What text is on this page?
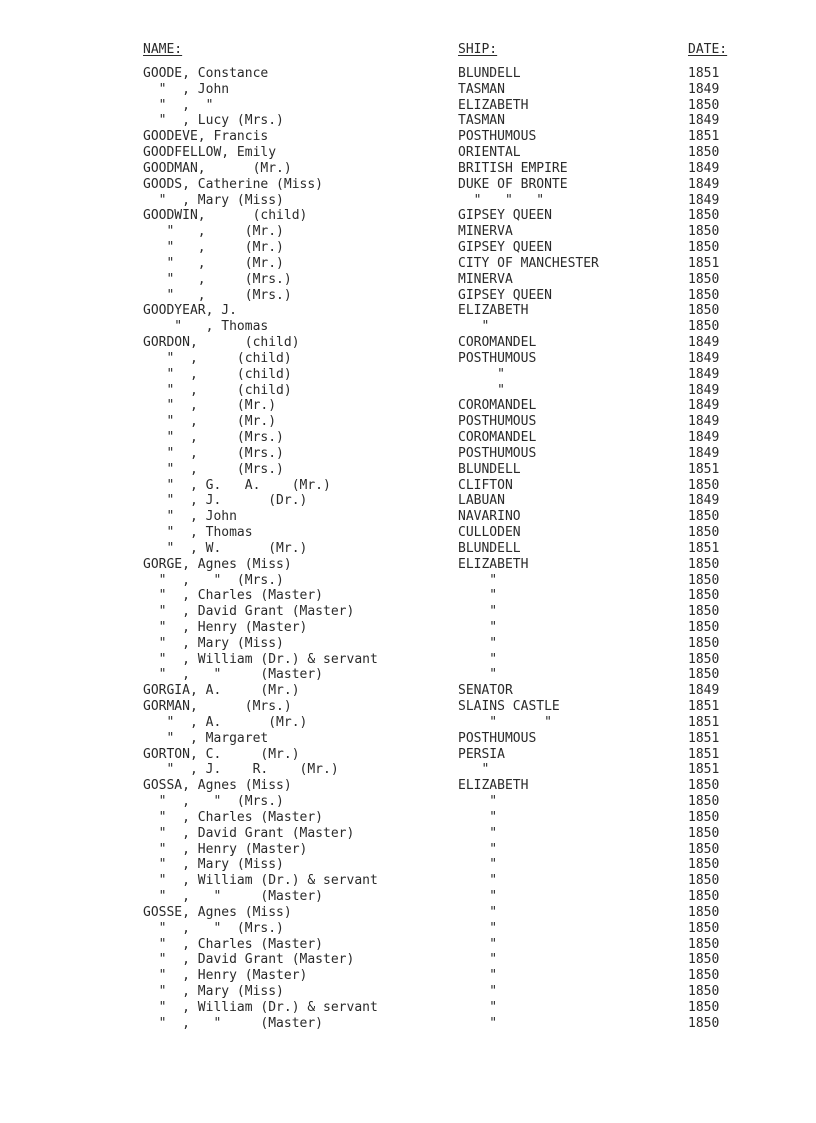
NAME:	SHIP:	DATE:
GOODE, Constance	BLUNDELL	1851
"  , John	TASMAN	1849
"  ,  "	ELIZABETH	1850
"  , Lucy (Mrs.)	TASMAN	1849
GOODEVE, Francis	POSTHUMOUS	1851
GOODFELLOW, Emily	ORIENTAL	1850
GOODMAN,      (Mr.)	BRITISH EMPIRE	1849
GOODS, Catherine (Miss)	DUKE OF BRONTE	1849
"  , Mary (Miss)	"   "   "	1849
GOODWIN,      (child)	GIPSEY QUEEN	1850
"   ,     (Mr.)	MINERVA	1850
"   ,     (Mr.)	GIPSEY QUEEN	1850
"   ,     (Mr.)	CITY OF MANCHESTER	1851
"   ,     (Mrs.)	MINERVA	1850
"   ,     (Mrs.)	GIPSEY QUEEN	1850
GOODYEAR, J.	ELIZABETH	1850
"   , Thomas	"	1850
GORDON,      (child)	COROMANDEL	1849
"  ,     (child)	POSTHUMOUS	1849
"  ,     (child)	"	1849
"  ,     (child)	"	1849
"  ,     (Mr.)	COROMANDEL	1849
"  ,     (Mr.)	POSTHUMOUS	1849
"  ,     (Mrs.)	COROMANDEL	1849
"  ,     (Mrs.)	POSTHUMOUS	1849
"  ,     (Mrs.)	BLUNDELL	1851
"  , G.   A.    (Mr.)	CLIFTON	1850
"  , J.      (Dr.)	LABUAN	1849
"  , John	NAVARINO	1850
"  , Thomas	CULLODEN	1850
"  , W.      (Mr.)	BLUNDELL	1851
GORGE, Agnes (Miss)	ELIZABETH	1850
"  ,   "  (Mrs.)	"	1850
"  , Charles (Master)	"	1850
"  , David Grant (Master)	"	1850
"  , Henry (Master)	"	1850
"  , Mary (Miss)	"	1850
"  , William (Dr.) & servant	"	1850
"  ,   "     (Master)	"	1850
GORGIA, A.     (Mr.)	SENATOR	1849
GORMAN,      (Mrs.)	SLAINS CASTLE	1851
"  , A.      (Mr.)	"      "	1851
"  , Margaret	POSTHUMOUS	1851
GORTON, C.     (Mr.)	PERSIA	1851
"  , J.    R.    (Mr.)	"	1851
GOSSA, Agnes (Miss)	ELIZABETH	1850
"  ,   "  (Mrs.)	"	1850
"  , Charles (Master)	"	1850
"  , David Grant (Master)	"	1850
"  , Henry (Master)	"	1850
"  , Mary (Miss)	"	1850
"  , William (Dr.) & servant	"	1850
"  ,   "     (Master)	"	1850
GOSSE, Agnes (Miss)	"	1850
"  ,   "  (Mrs.)	"	1850
"  , Charles (Master)	"	1850
"  , David Grant (Master)	"	1850
"  , Henry (Master)	"	1850
"  , Mary (Miss)	"	1850
"  , William (Dr.) & servant	"	1850
"  ,   "     (Master)	"	1850
